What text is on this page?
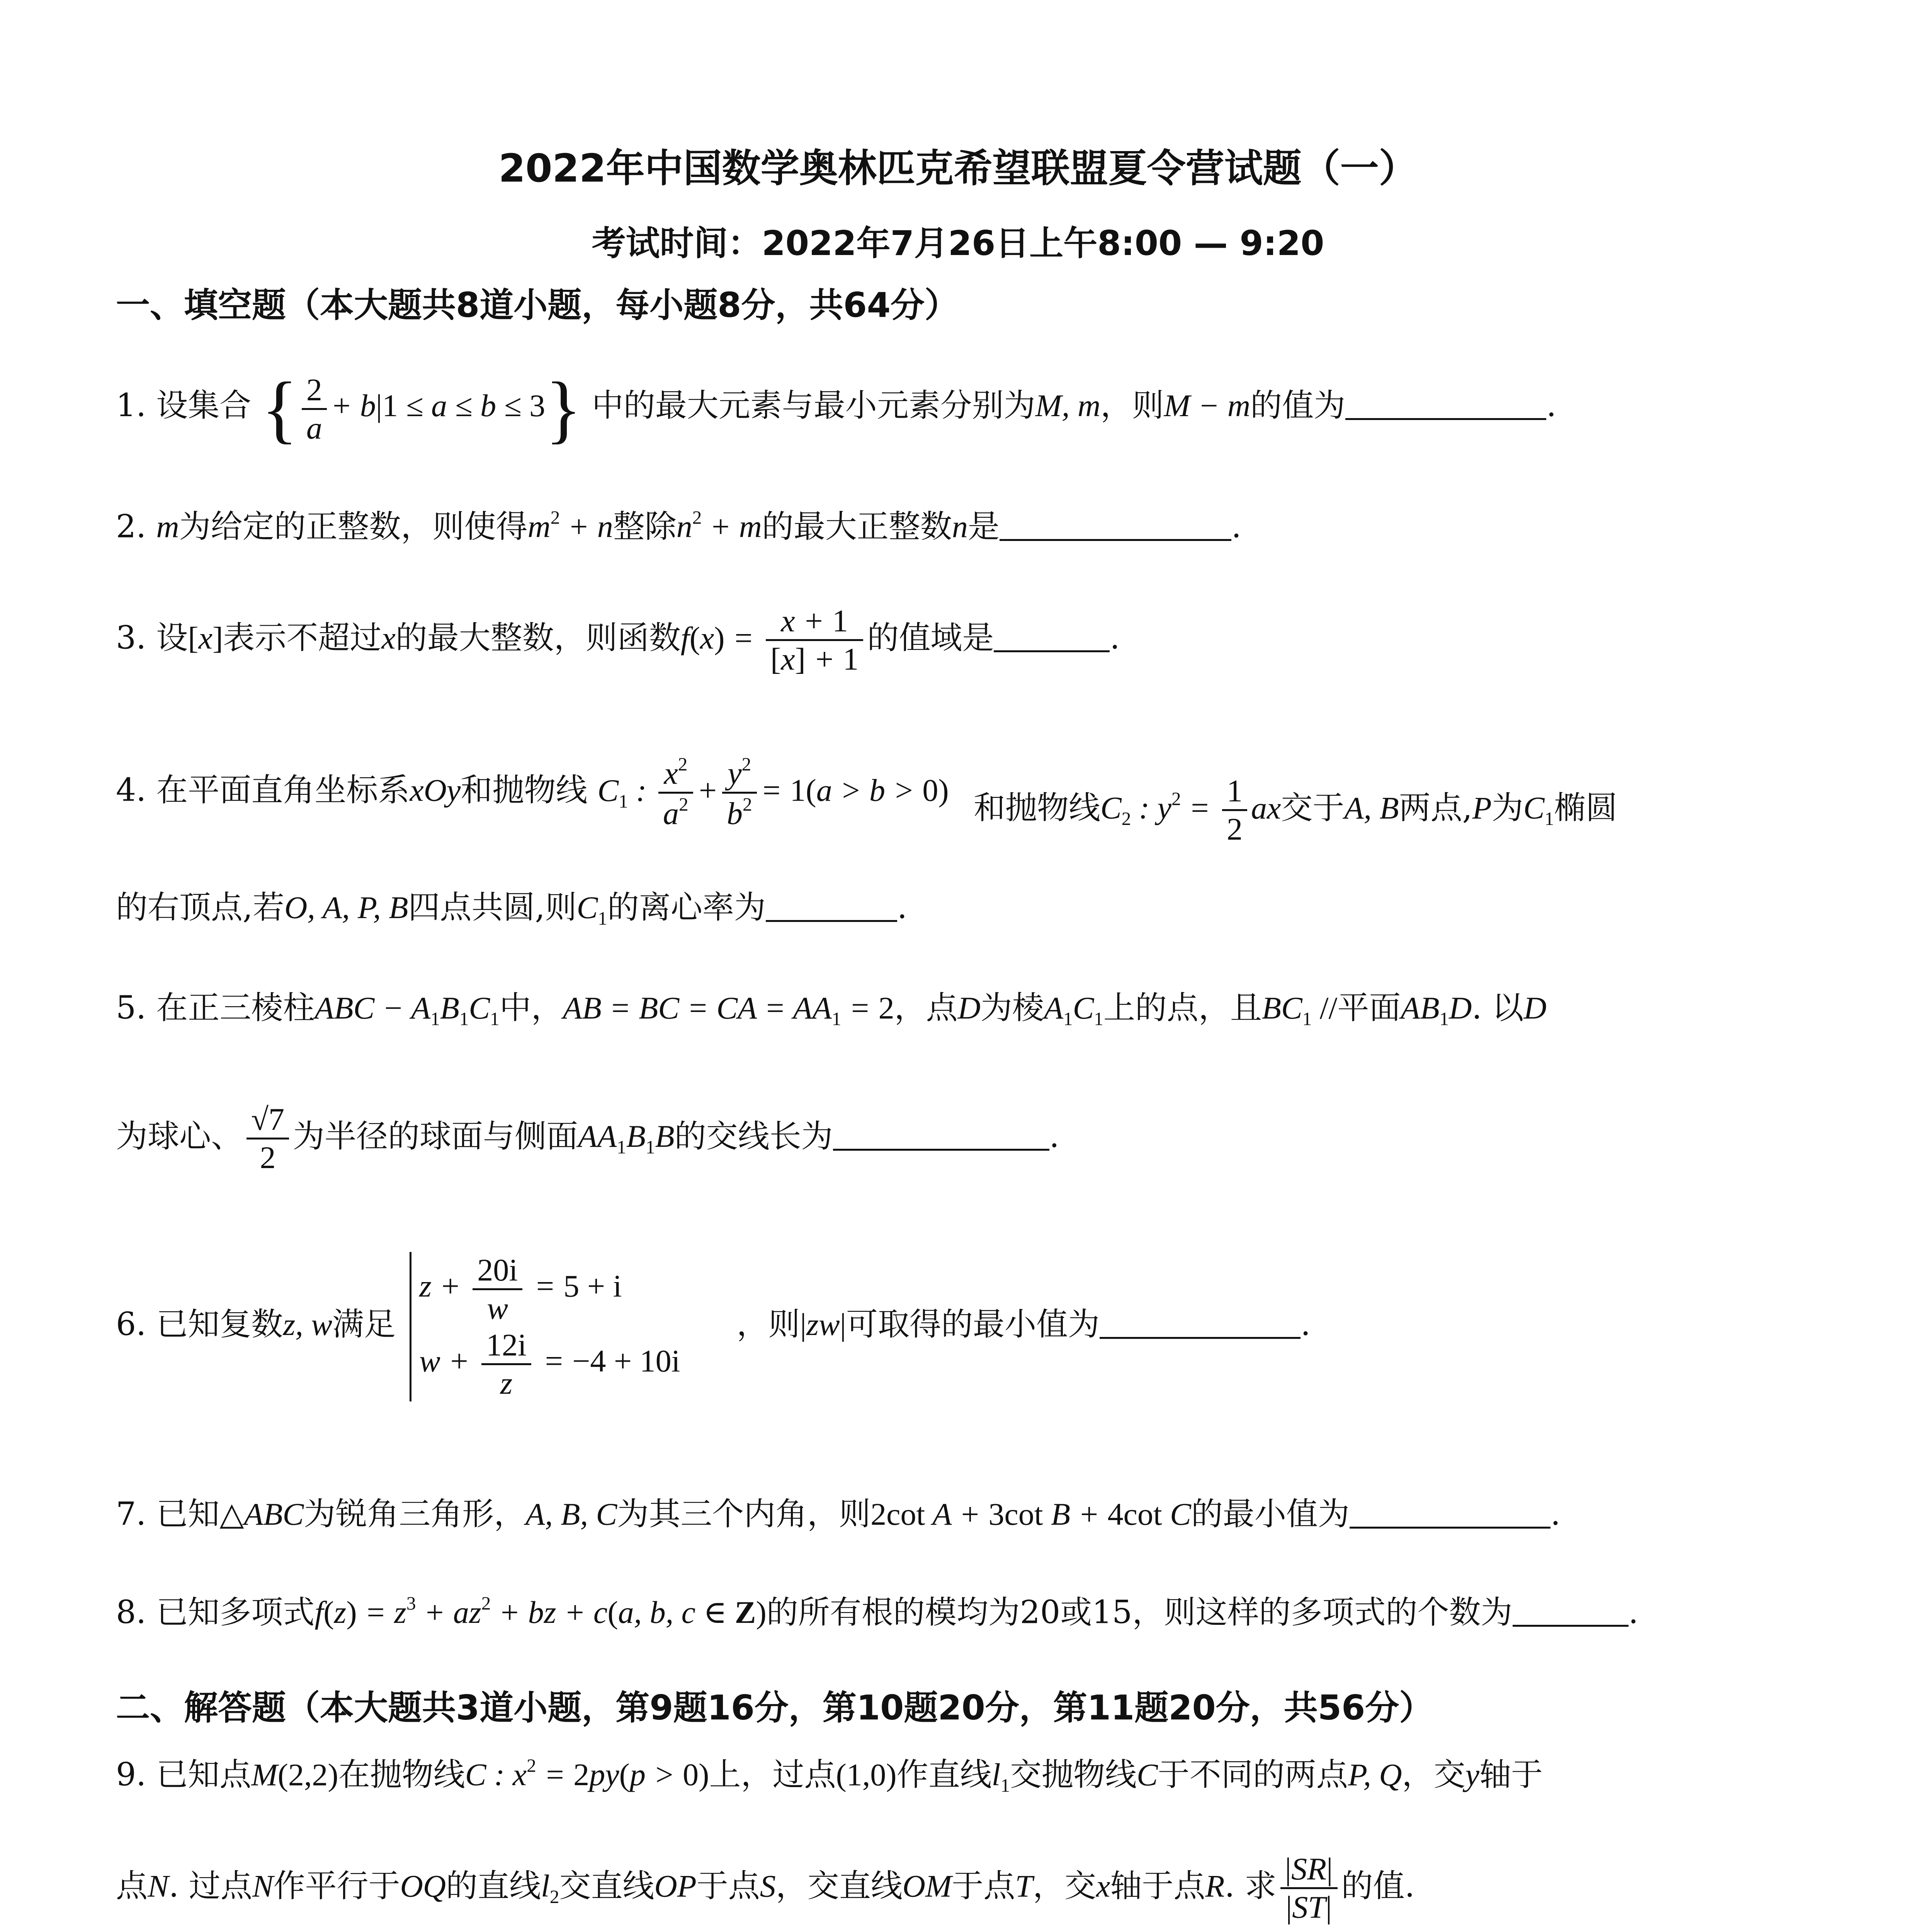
2022年中国数学奥林匹克希望联盟夏令营试题（一）
考试时间：2022年7月26日上午8:00 — 9:20
一、填空题（本大题共8道小题，每小题8分，共64分）
1. 设集合 { $\frac{2}{a} + b|1 \le a \le b \le 3$} 中的最大元素与最小元素分别为M, m，则M − m的值为	.
2. m为给定的正整数，则使得$m^2 + n$整除$n^2 + m$的最大正整数n是	.
3. 设[x]表示不超过x的最大整数，则函数$f(x) = \frac{x + 1}{[x] + 1}$ 的值域是	.
4. 在平面直角坐标系xOy和抛物线 $C_1$ : $\frac{x^2}{a^2} + \frac{y^2}{b^2} = 1(a > b > 0)$ 和抛物线$C_2$ : $y^2 = \frac{1}{2}$ ax交于A, B两点,P为$C_1$椭圆
的右顶点,若O, A, P, B四点共圆,则$C_1$的离心率为	.
5. 在正三棱柱ABC − $A_1B_1C_1$中，AB = BC = CA = $AA_1 = 2$，点D为棱$A_1C_1$上的点，且$BC_1$ //平面$AB_1D$. 以D
为球心、 $\frac{√7}{2}$ 为半径的球面与侧面$AA_1B_1B$的交线长为	.
6. 已知复数z, w满足
$z + \frac{20i}{w} = 5 + i$
$w + \frac{12i}{z} = -4 + 10i$
，则|zw|可取得的最小值为	.
7. 已知△ABC为锐角三角形，A, B, C为其三个内角，则2cot A + 3cot B + 4cot C的最小值为	.
8. 已知多项式$f(z) = z^3 + az^2$ + bz + c(a, b, c ∈ Z)的所有根的模均为20或15，则这样的多项式的个数为	.
二、解答题（本大题共3道小题，第9题16分，第10题20分，第11题20分，共56分）
9. 已知点M(2,2)在抛物线C : $x^2 = 2py(p > 0)$上，过点(1,0)作直线$l_1$交抛物线C于不同的两点P, Q，交y轴于
点N. 过点N作平行于OQ的直线$l_2$交直线OP于点S，交直线OM于点T，交x轴于点R. 求 $\frac{|SR|}{|ST|}$ 的值.
